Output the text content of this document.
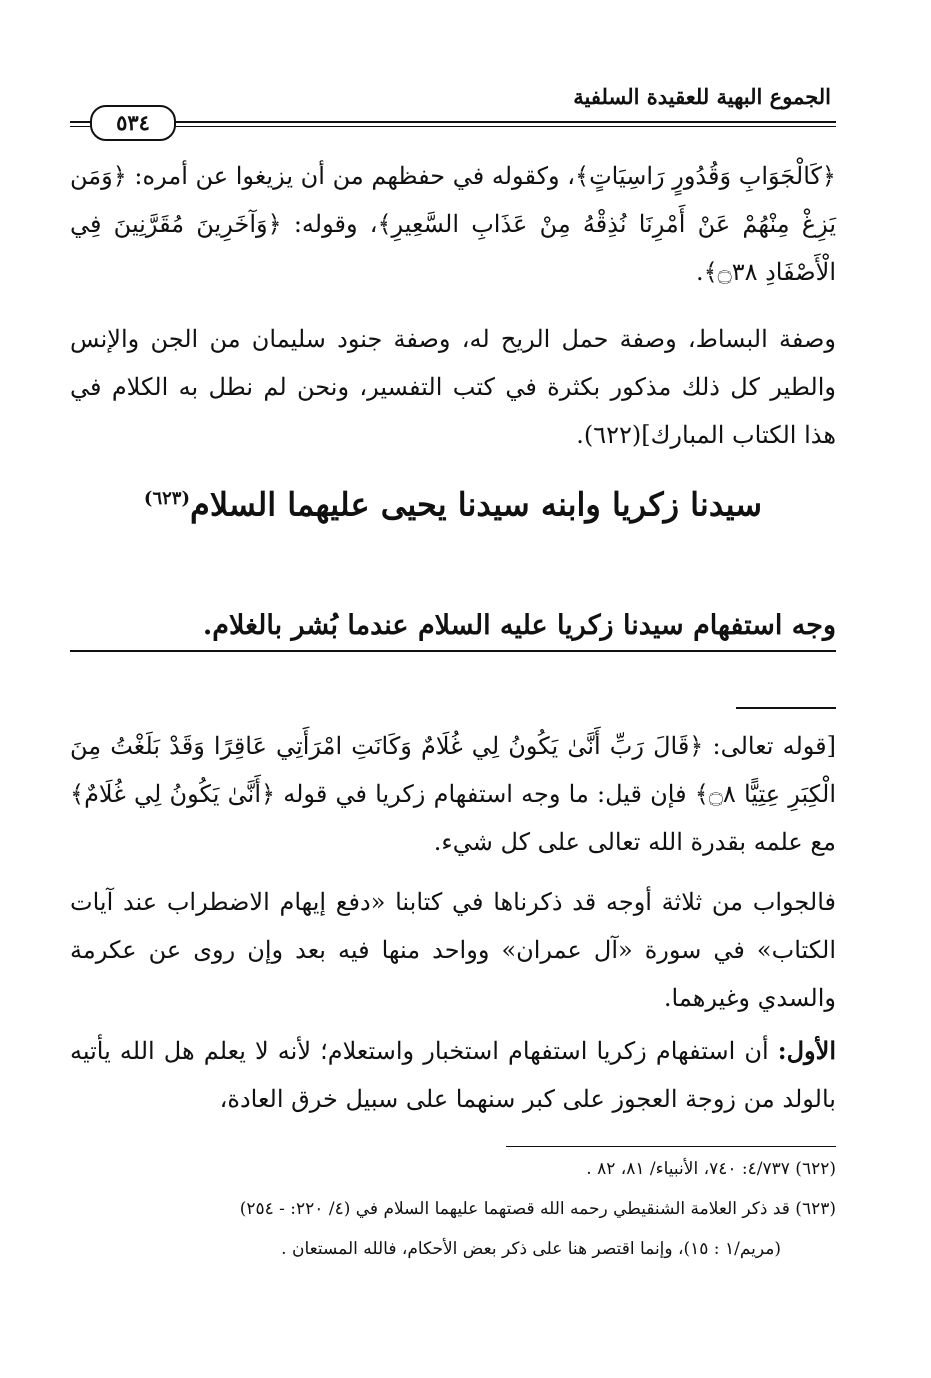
الجموع البهية للعقيدة السلفية
٥٣٤
﴿كَالْجَوَابِ وَقُدُورٍ رَاسِيَاتٍ﴾، وكقوله في حفظهم من أن يزيغوا عن أمره: ﴿وَمَن يَزِغْ مِنْهُمْ عَنْ أَمْرِنَا نُذِقْهُ مِنْ عَذَابِ السَّعِيرِ﴾، وقوله: ﴿وَآخَرِينَ مُقَرَّنِينَ فِي الْأَصْفَادِ ۝٣٨﴾.
وصفة البساط، وصفة حمل الريح له، وصفة جنود سليمان من الجن والإنس والطير كل ذلك مذكور بكثرة في كتب التفسير، ونحن لم نطل به الكلام في هذا الكتاب المبارك](٦٢٢).
سيدنا زكريا وابنه سيدنا يحيى عليهما السلام$^{(٦٢٣)}$
وجه استفهام سيدنا زكريا عليه السلام عندما بُشر بالغلام.
[قوله تعالى: ﴿قَالَ رَبِّ أَنَّىٰ يَكُونُ لِي غُلَامٌ وَكَانَتِ امْرَأَتِي عَاقِرًا وَقَدْ بَلَغْتُ مِنَ الْكِبَرِ عِتِيًّا ۝٨﴾ فإن قيل: ما وجه استفهام زكريا في قوله ﴿أَنَّىٰ يَكُونُ لِي غُلَامٌ﴾ مع علمه بقدرة الله تعالى على كل شيء.
فالجواب من ثلاثة أوجه قد ذكرناها في كتابنا «دفع إيهام الاضطراب عند آيات الكتاب» في سورة «آل عمران» وواحد منها فيه بعد وإن روى عن عكرمة والسدي وغيرهما.
الأول: أن استفهام زكريا استفهام استخبار واستعلام؛ لأنه لا يعلم هل الله يأتيه بالولد من زوجة العجوز على كبر سنهما على سبيل خرق العادة،
(٦٢٢) ٤/٧٣٧: ٧٤٠، الأنبياء/ ٨١، ٨٢ .
(٦٢٣) قد ذكر العلامة الشنقيطي رحمه الله قصتهما عليهما السلام في (٤/ ٢٢٠: - ٢٥٤)
(مريم/١ : ١٥)، وإنما اقتصر هنا على ذكر بعض الأحكام، فالله المستعان .
